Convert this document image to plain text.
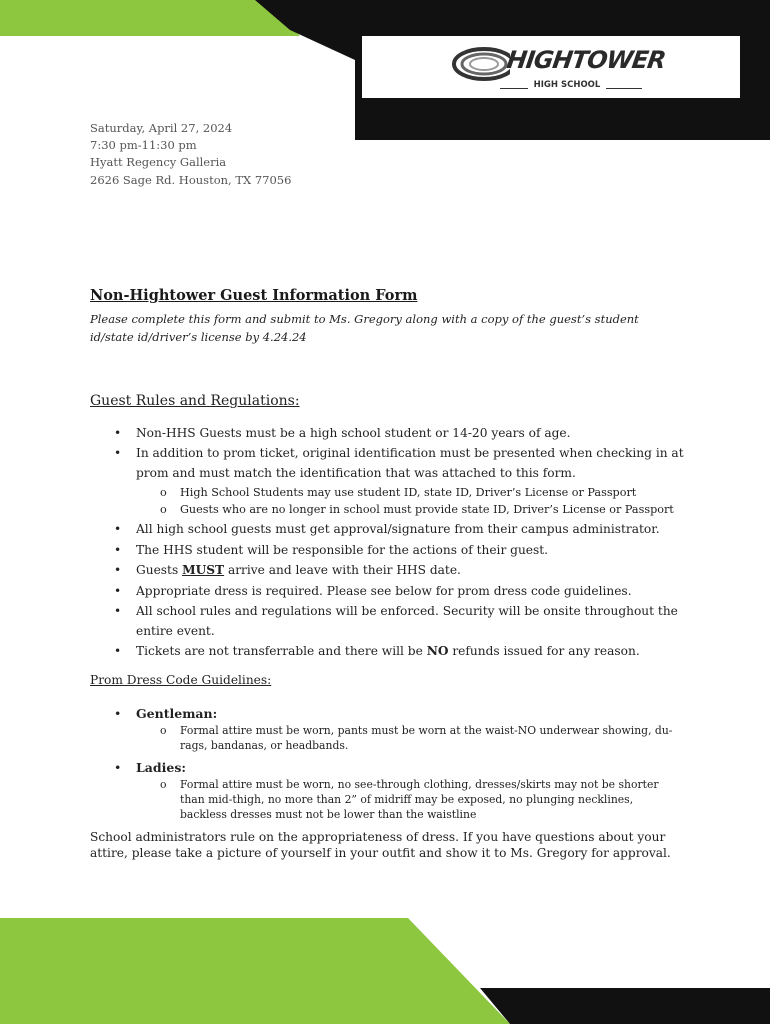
HIGHTOWER
HIGH SCHOOL
Saturday, April 27, 2024
7:30 pm-11:30 pm
Hyatt Regency Galleria
2626 Sage Rd. Houston, TX 77056
Non-Hightower Guest Information Form
Please complete this form and submit to Ms. Gregory along with a copy of the guest’s student id/state id/driver’s license by 4.24.24
Guest Rules and Regulations:
• Non-HHS Guests must be a high school student or 14-20 years of age.
• In addition to prom ticket, original identification must be presented when checking in at prom and must match the identification that was attached to this form.
o High School Students may use student ID, state ID, Driver’s License or Passport
o Guests who are no longer in school must provide state ID, Driver’s License or Passport
• All high school guests must get approval/signature from their campus administrator.
• The HHS student will be responsible for the actions of their guest.
• Guests MUST arrive and leave with their HHS date.
• Appropriate dress is required. Please see below for prom dress code guidelines.
• All school rules and regulations will be enforced. Security will be onsite throughout the entire event.
• Tickets are not transferrable and there will be NO refunds issued for any reason.
Prom Dress Code Guidelines:
• Gentleman:
o Formal attire must be worn, pants must be worn at the waist-NO underwear showing, du-rags, bandanas, or headbands.
• Ladies:
o Formal attire must be worn, no see-through clothing, dresses/skirts may not be shorter than mid-thigh, no more than 2” of midriff may be exposed, no plunging necklines, backless dresses must not be lower than the waistline
School administrators rule on the appropriateness of dress. If you have questions about your attire, please take a picture of yourself in your outfit and show it to Ms. Gregory for approval.
